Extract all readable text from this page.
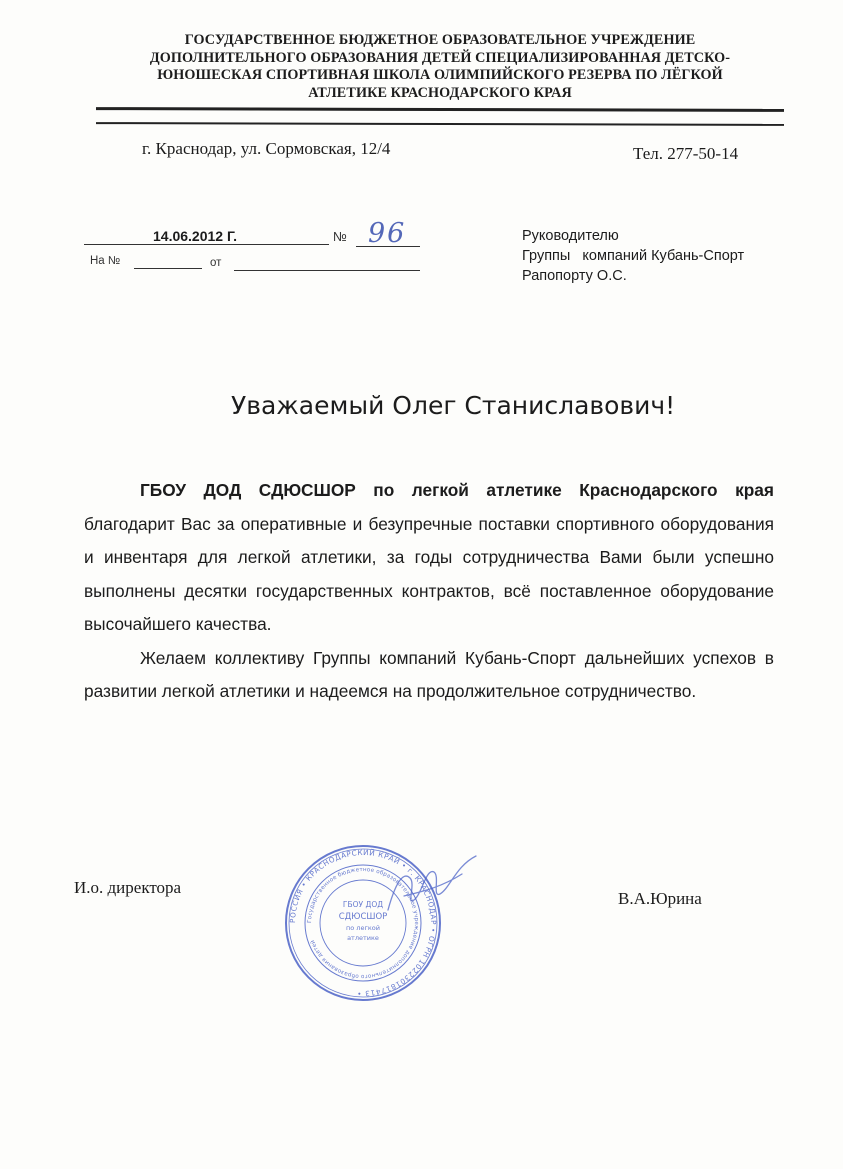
ГОСУДАРСТВЕННОЕ БЮДЖЕТНОЕ ОБРАЗОВАТЕЛЬНОЕ УЧРЕЖДЕНИЕ
ДОПОЛНИТЕЛЬНОГО ОБРАЗОВАНИЯ ДЕТЕЙ СПЕЦИАЛИЗИРОВАННАЯ ДЕТСКО-
ЮНОШЕСКАЯ СПОРТИВНАЯ ШКОЛА ОЛИМПИЙСКОГО РЕЗЕРВА ПО ЛЁГКОЙ
АТЛЕТИКЕ КРАСНОДАРСКОГО КРАЯ
г. Краснодар, ул. Сормовская, 12/4	Тел. 277-50-14
14.06.2012 Г.	№ 96
На №	от
Руководителю
Группы   компаний Кубань-Спорт
Рапопорту О.С.
Уважаемый Олег Станиславович!

ГБОУ ДОД СДЮСШОР по легкой атлетике Краснодарского края благодарит Вас за оперативные и безупречные поставки спортивного оборудования и инвентаря для легкой атлетики, за годы сотрудничества Вами были успешно выполнены десятки государственных контрактов, всё поставленное оборудование высочайшего качества.

Желаем коллективу Группы компаний Кубань-Спорт дальнейших успехов в развитии легкой атлетики и надеемся на продолжительное сотрудничество.

И.о. директора
В.А.Юрина
РОССИЯ • КРАСНОДАРСКИЙ КРАЙ • г. КРАСНОДАР • ОГРН 1022301817413 •
Государственное бюджетное образовательное учреждение дополнительного образования детей
ГБОУ ДОД
СДЮСШОР
по легкой
атлетике
